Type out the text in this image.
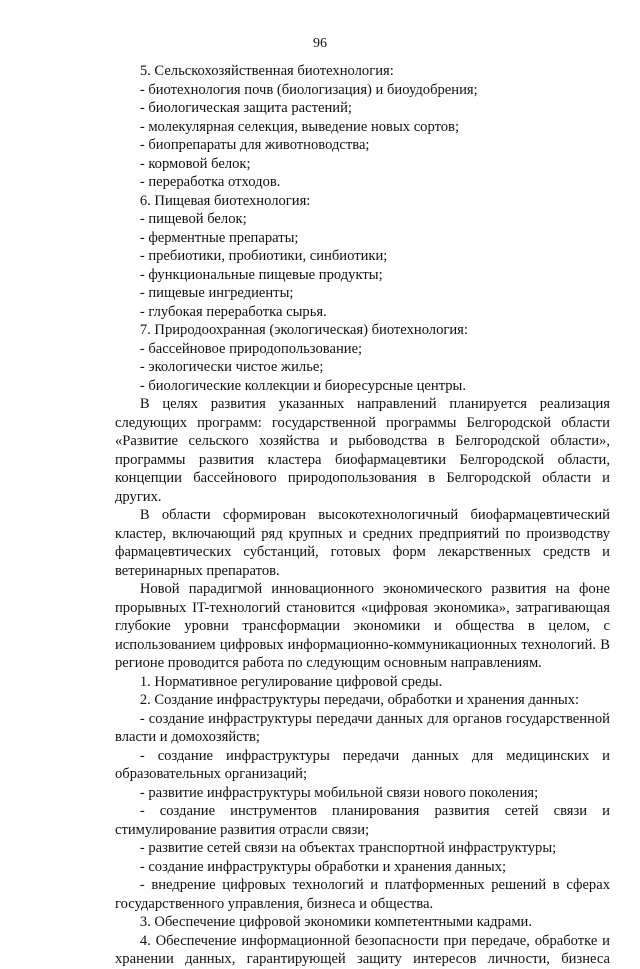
96

5. Сельскохозяйственная биотехнология:

- биотехнология почв (биологизация) и биоудобрения;

- биологическая защита растений;

- молекулярная селекция, выведение новых сортов;

- биопрепараты для животноводства;

- кормовой белок;

- переработка отходов.

6. Пищевая биотехнология:

- пищевой белок;

- ферментные препараты;

- пребиотики, пробиотики, синбиотики;

- функциональные пищевые продукты;

- пищевые ингредиенты;

- глубокая переработка сырья.

7. Природоохранная (экологическая) биотехнология:

- бассейновое природопользование;

- экологически чистое жилье;

- биологические коллекции и биоресурсные центры.

В целях развития указанных направлений планируется реализация следующих программ: государственной программы Белгородской области «Развитие сельского хозяйства и рыбоводства в Белгородской области», программы развития кластера биофармацевтики Белгородской области, концепции бассейнового природопользования в Белгородской области и других.

В области сформирован высокотехнологичный биофармацевтический кластер, включающий ряд крупных и средних предприятий по производству фармацевтических субстанций, готовых форм лекарственных средств и ветеринарных препаратов.

Новой парадигмой инновационного экономического развития на фоне прорывных IT-технологий становится «цифровая экономика», затрагивающая глубокие уровни трансформации экономики и общества в целом, с использованием цифровых информационно-коммуникационных технологий. В регионе проводится работа по следующим основным направлениям.

1. Нормативное регулирование цифровой среды.

2. Создание инфраструктуры передачи, обработки и хранения данных:

- создание инфраструктуры передачи данных для органов государственной власти и домохозяйств;

- создание инфраструктуры передачи данных для медицинских и образовательных организаций;

- развитие инфраструктуры мобильной связи нового поколения;

- создание инструментов планирования развития сетей связи и стимулирование развития отрасли связи;

- развитие сетей связи на объектах транспортной инфраструктуры;

- создание инфраструктуры обработки и хранения данных;

- внедрение цифровых технологий и платформенных решений в сферах государственного управления, бизнеса и общества.

3. Обеспечение цифровой экономики компетентными кадрами.

4. Обеспечение информационной безопасности при передаче, обработке и хранении данных, гарантирующей защиту интересов личности, бизнеса
